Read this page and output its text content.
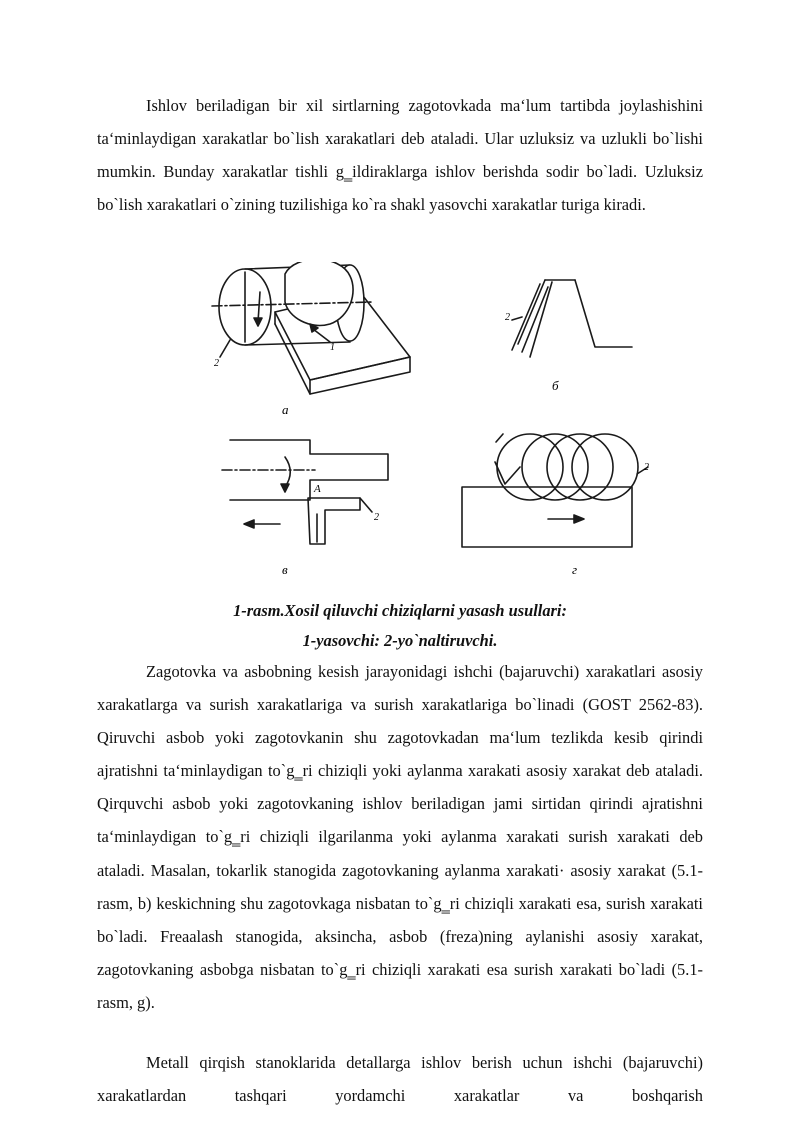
Ishlov beriladigan bir xil sirtlarning zagotovkada ma‘lum tartibda joylashishini ta‘minlaydigan xarakatlar bo`lish xarakatlari deb ataladi. Ular uzluksiz va uzlukli bo`lishi mumkin. Bunday xarakatlar tishli g‗ildiraklarga ishlov berishda sodir bo`ladi. Uzluksiz bo`lish xarakatlari o`zining tuzilishiga ko`ra shakl yasovchi xarakatlar turiga kiradi.

a
б
в	г
1
2
2
2
2
A

1-rasm.Xosil qiluvchi chiziqlarni yasash usullari:

1-yasovchi: 2-yo`naltiruvchi.

Zagotovka va asbobning kesish jarayonidagi ishchi (bajaruvchi) xarakatlari asosiy xarakatlarga va surish xarakatlariga va surish xarakatlariga bo`linadi (GOST 2562-83). Qiruvchi asbob yoki zagotovkanin shu zagotovkadan ma‘lum tezlikda kesib qirindi ajratishni ta‘minlaydigan to`g‗ri chiziqli yoki aylanma xarakati asosiy xarakat deb ataladi. Qirquvchi asbob yoki zagotovkaning ishlov beriladigan jami sirtidan qirindi ajratishni ta‘minlaydigan to`g‗ri chiziqli ilgarilanma yoki aylanma xarakati surish xarakati deb ataladi. Masalan, tokarlik stanogida zagotovkaning aylanma xarakati· asosiy xarakat (5.1- rasm, b) keskichning shu zagotovkaga nisbatan to`g‗ri chiziqli xarakati esa, surish xarakati bo`ladi. Freaalash stanogida, aksincha, asbob (freza)ning aylanishi asosiy xarakat, zagotovkaning asbobga nisbatan to`g‗ri chiziqli xarakati esa surish xarakati bo`ladi (5.1- rasm, g).

Metall qirqish stanoklarida detallarga ishlov berish uchun ishchi (bajaruvchi) xarakatlardan tashqari yordamchi xarakatlar va boshqarish
